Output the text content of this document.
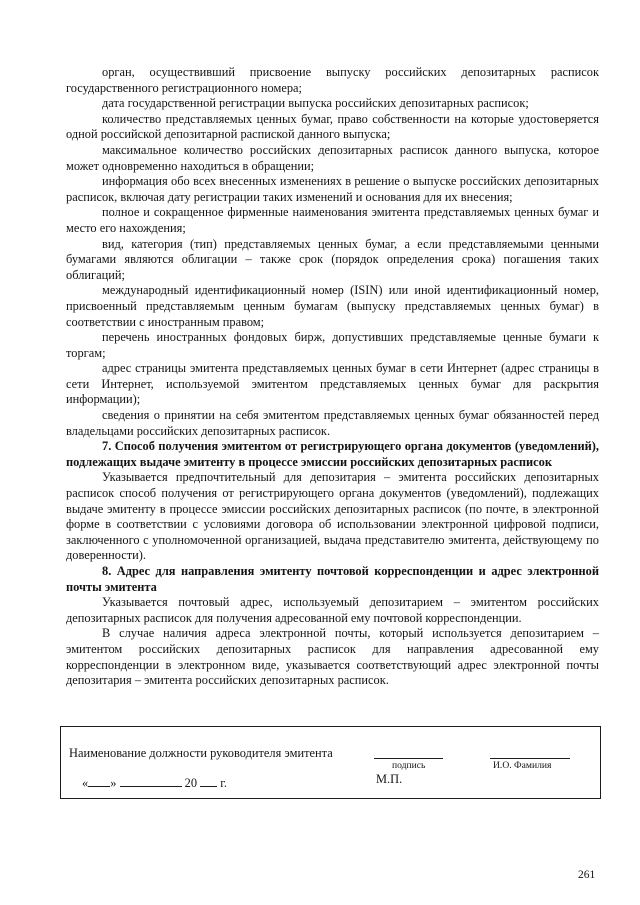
орган, осуществивший присвоение выпуску российских депозитарных расписок государственного регистрационного номера;

дата государственной регистрации выпуска российских депозитарных расписок;

количество представляемых ценных бумаг, право собственности на которые удостоверяется одной российской депозитарной распиской данного выпуска;

максимальное количество российских депозитарных расписок данного выпуска, которое может одновременно находиться в обращении;

информация обо всех внесенных изменениях в решение о выпуске российских депозитарных расписок, включая дату регистрации таких изменений и основания для их внесения;

полное и сокращенное фирменные наименования эмитента представляемых ценных бумаг и место его нахождения;

вид, категория (тип) представляемых ценных бумаг, а если представляемыми ценными бумагами являются облигации – также срок (порядок определения срока) погашения таких облигаций;

международный идентификационный номер (ISIN) или иной идентификационный номер, присвоенный представляемым ценным бумагам (выпуску представляемых ценных бумаг) в соответствии с иностранным правом;

перечень иностранных фондовых бирж, допустивших представляемые ценные бумаги к торгам;

адрес страницы эмитента представляемых ценных бумаг в сети Интернет (адрес страницы в сети Интернет, используемой эмитентом представляемых ценных бумаг для раскрытия информации);

сведения о принятии на себя эмитентом представляемых ценных бумаг обязанностей перед владельцами российских депозитарных расписок.

7. Способ получения эмитентом от регистрирующего органа документов (уведомлений), подлежащих выдаче эмитенту в процессе эмиссии российских депозитарных расписок

Указывается предпочтительный для депозитария – эмитента российских депозитарных расписок способ получения от регистрирующего органа документов (уведомлений), подлежащих выдаче эмитенту в процессе эмиссии российских депозитарных расписок (по почте, в электронной форме в соответствии с условиями договора об использовании электронной цифровой подписи, заключенного с уполномоченной организацией, выдача представителю эмитента, действующему по доверенности).

8. Адрес для направления эмитенту почтовой корреспонденции и адрес электронной почты эмитента

Указывается почтовый адрес, используемый депозитарием – эмитентом российских депозитарных расписок для получения адресованной ему почтовой корреспонденции.

В случае наличия адреса электронной почты, который используется депозитарием – эмитентом российских депозитарных расписок для направления адресованной ему корреспонденции в электронном виде, указывается соответствующий адрес электронной почты депозитария – эмитента российских депозитарных расписок.

Наименование должности руководителя эмитента
подпись	И.О. Фамилия
« »	20 г.	М.П.
261
